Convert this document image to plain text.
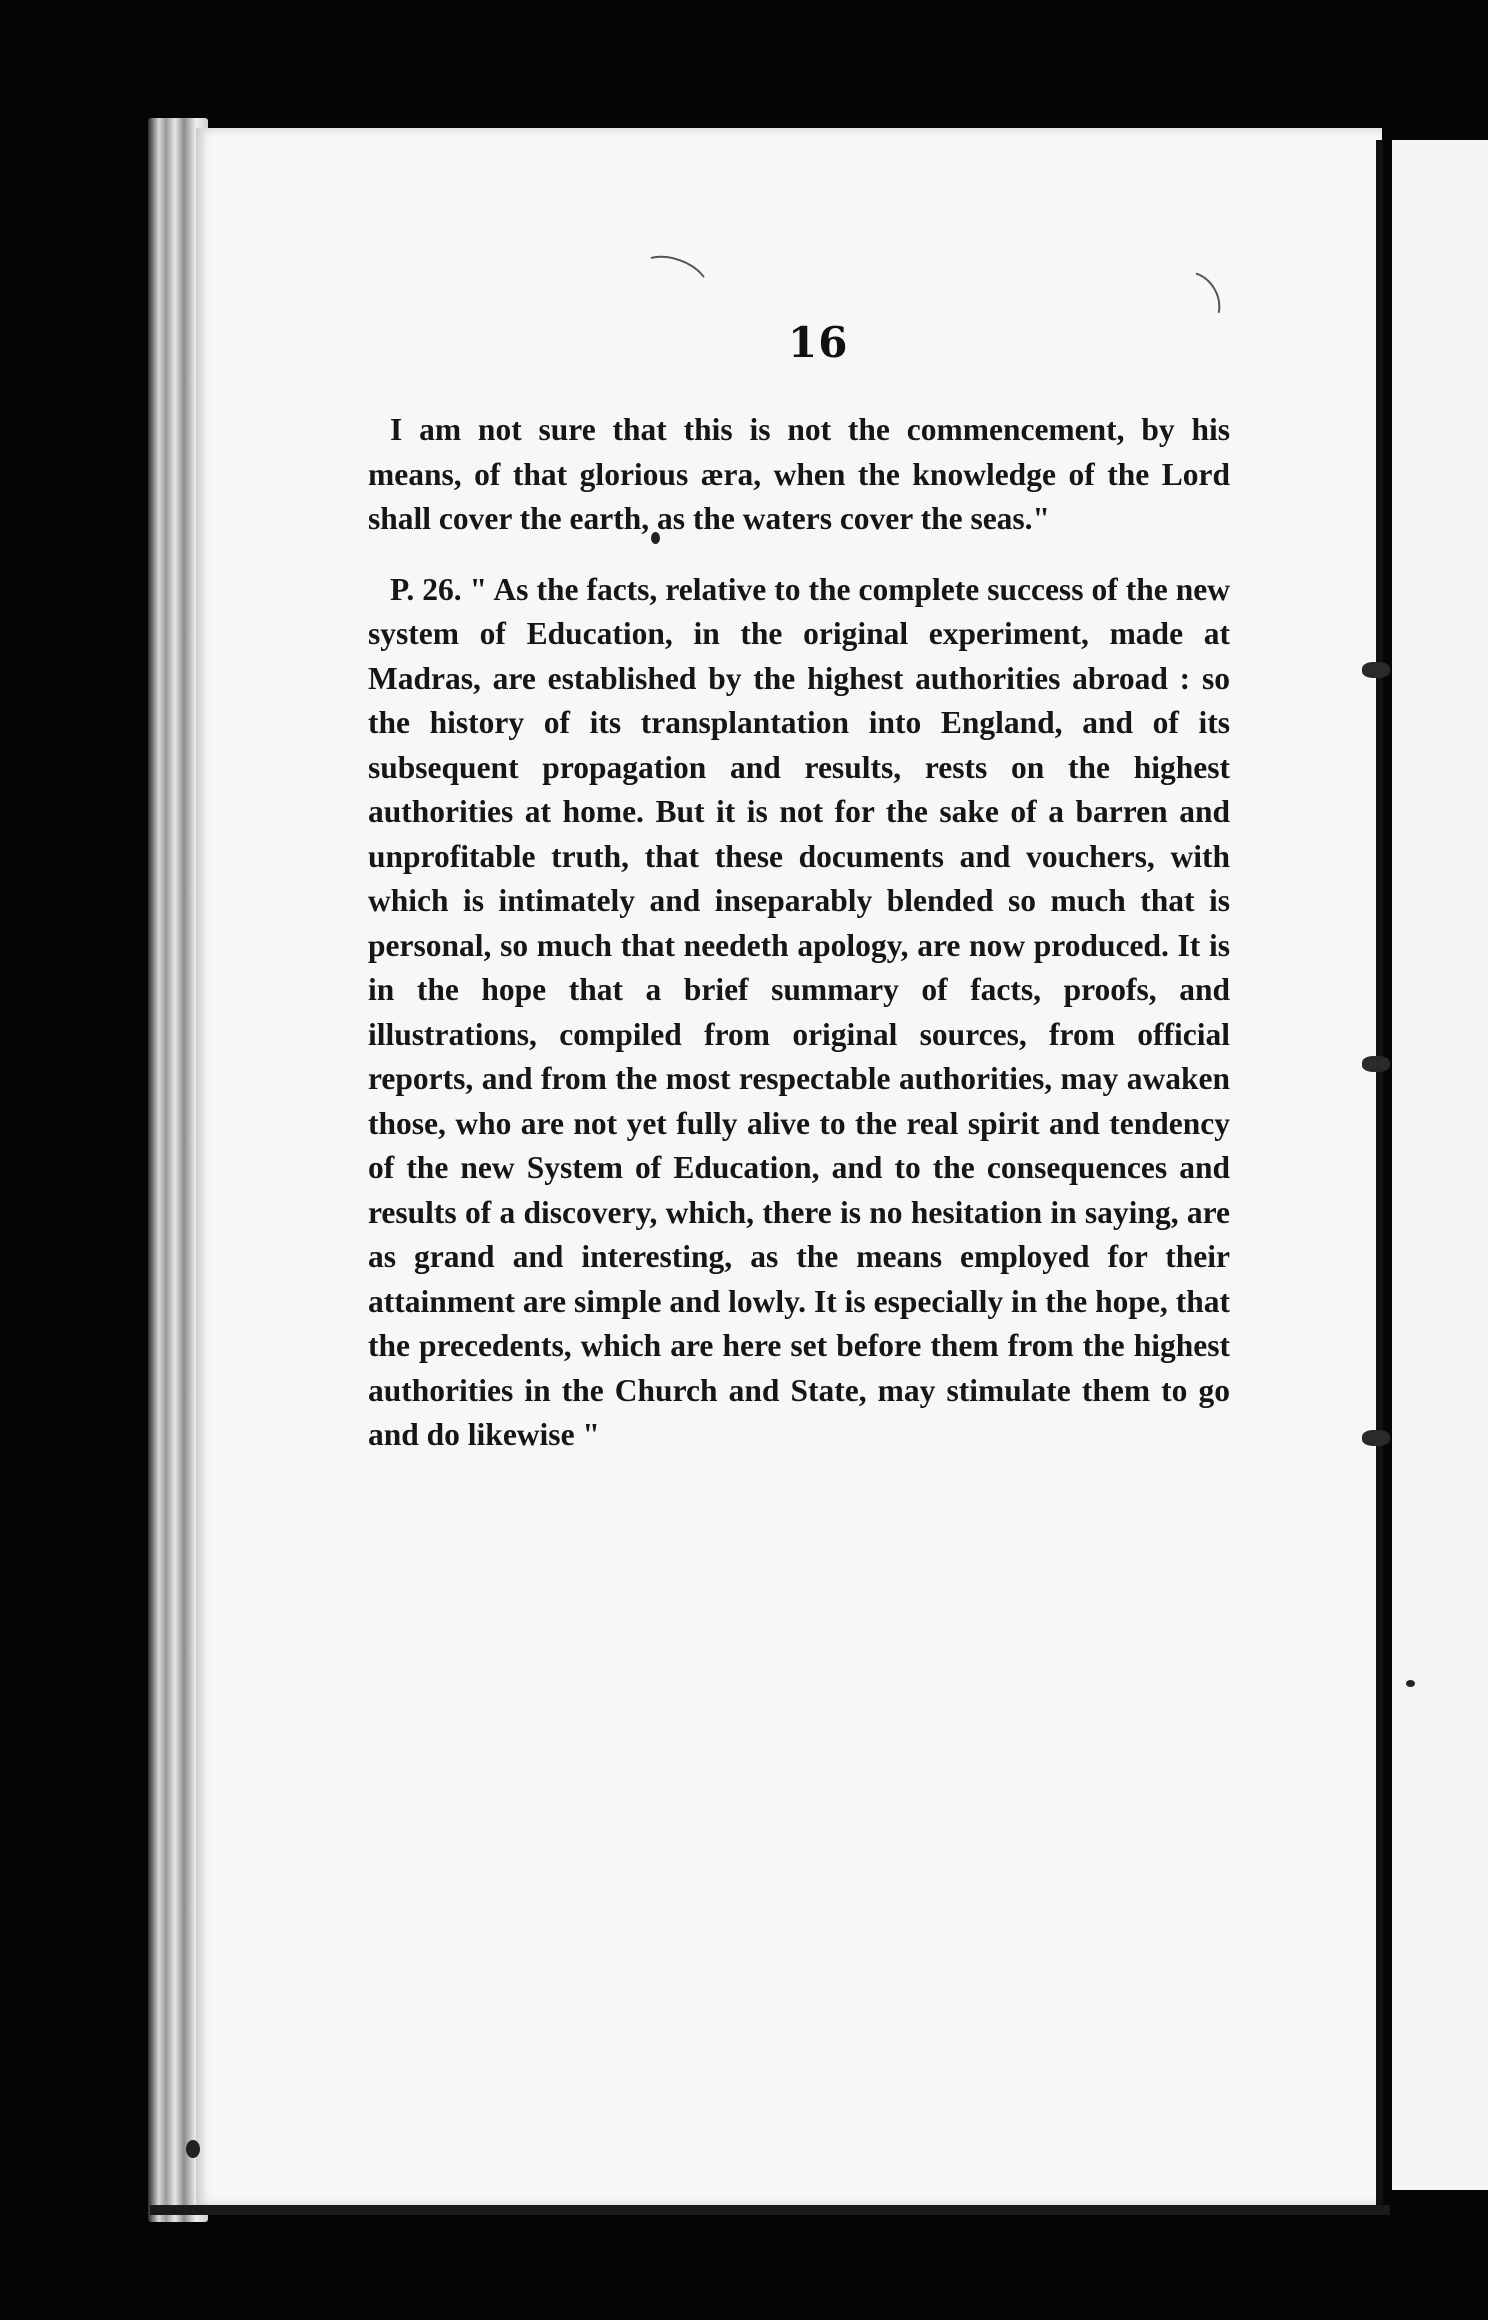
16

I am not sure that this is not the commencement, by his means, of that glorious æra, when the knowledge of the Lord shall cover the earth, as the waters cover the seas."

P. 26. " As the facts, relative to the complete success of the new system of Education, in the original experiment, made at Madras, are established by the highest authorities abroad : so the history of its transplantation into England, and of its subsequent propagation and results, rests on the highest authorities at home. But it is not for the sake of a barren and unprofitable truth, that these documents and vouchers, with which is intimately and inseparably blended so much that is personal, so much that needeth apology, are now produced. It is in the hope that a brief summary of facts, proofs, and illustrations, compiled from original sources, from official reports, and from the most respectable authorities, may awaken those, who are not yet fully alive to the real spirit and tendency of the new System of Education, and to the consequences and results of a discovery, which, there is no hesitation in saying, are as grand and interesting, as the means employed for their attainment are simple and lowly. It is especially in the hope, that the precedents, which are here set before them from the highest authorities in the Church and State, may stimulate them to go and do likewise "
